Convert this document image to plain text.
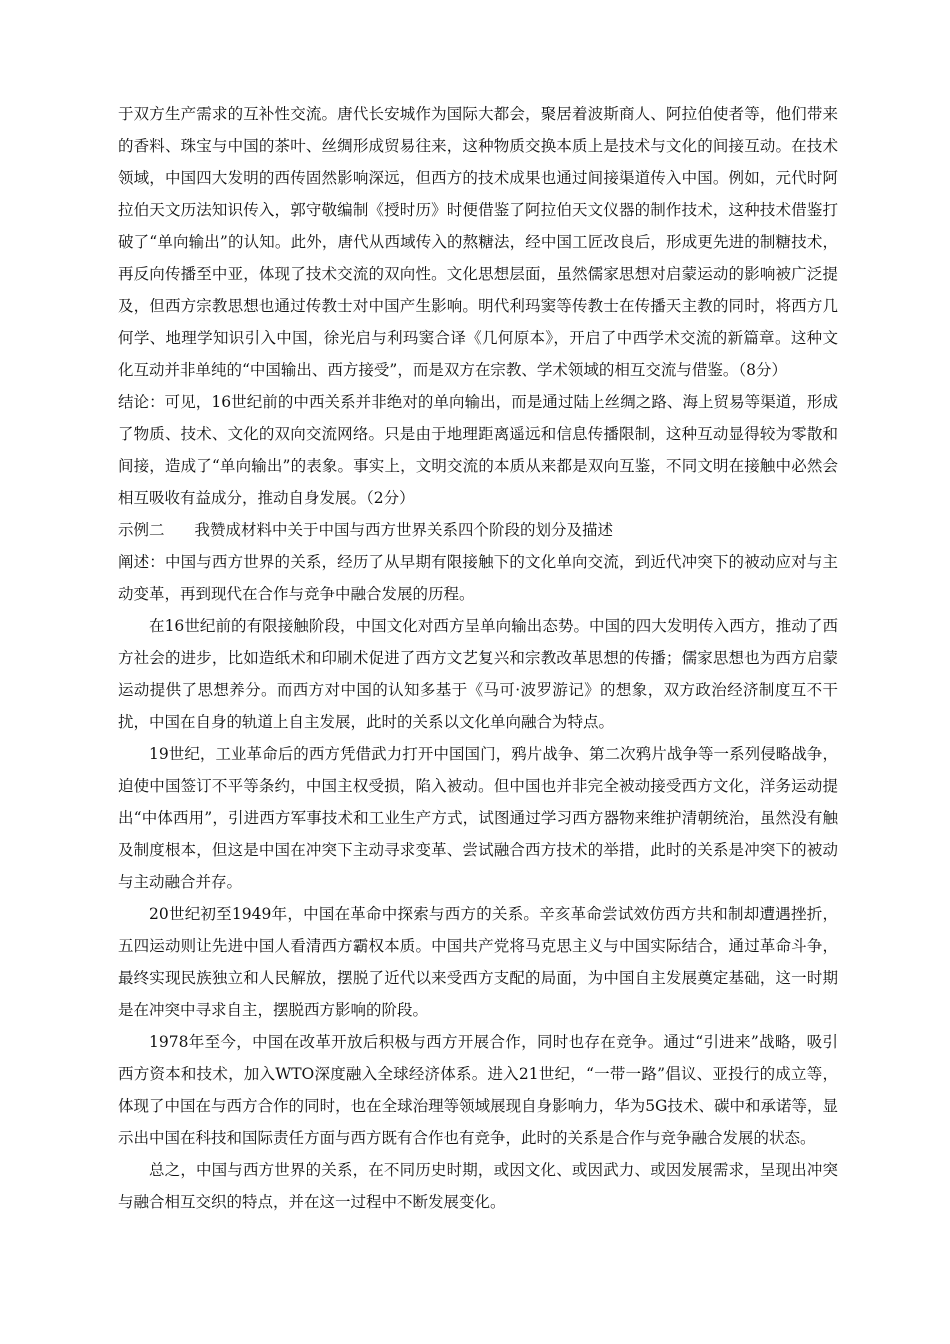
于双方生产需求的互补性交流。唐代长安城作为国际大都会，聚居着波斯商人、阿拉伯使者等，他们带来的香料、珠宝与中国的茶叶、丝绸形成贸易往来，这种物质交换本质上是技术与文化的间接互动。在技术领域，中国四大发明的西传固然影响深远，但西方的技术成果也通过间接渠道传入中国。例如，元代时阿拉伯天文历法知识传入，郭守敬编制《授时历》时便借鉴了阿拉伯天文仪器的制作技术，这种技术借鉴打破了“单向输出”的认知。此外，唐代从西域传入的熬糖法，经中国工匠改良后，形成更先进的制糖技术，再反向传播至中亚，体现了技术交流的双向性。文化思想层面，虽然儒家思想对启蒙运动的影响被广泛提及，但西方宗教思想也通过传教士对中国产生影响。明代利玛窦等传教士在传播天主教的同时，将西方几何学、地理学知识引入中国，徐光启与利玛窦合译《几何原本》，开启了中西学术交流的新篇章。这种文化互动并非单纯的“中国输出、西方接受”，而是双方在宗教、学术领域的相互交流与借鉴。（8分）

结论：可见，16世纪前的中西关系并非绝对的单向输出，而是通过陆上丝绸之路、海上贸易等渠道，形成了物质、技术、文化的双向交流网络。只是由于地理距离遥远和信息传播限制，这种互动显得较为零散和间接，造成了“单向输出”的表象。事实上，文明交流的本质从来都是双向互鉴，不同文明在接触中必然会相互吸收有益成分，推动自身发展。（2分）

示例二 我赞成材料中关于中国与西方世界关系四个阶段的划分及描述

阐述：中国与西方世界的关系，经历了从早期有限接触下的文化单向交流，到近代冲突下的被动应对与主动变革，再到现代在合作与竞争中融合发展的历程。

在16世纪前的有限接触阶段，中国文化对西方呈单向输出态势。中国的四大发明传入西方，推动了西方社会的进步，比如造纸术和印刷术促进了西方文艺复兴和宗教改革思想的传播；儒家思想也为西方启蒙运动提供了思想养分。而西方对中国的认知多基于《马可·波罗游记》的想象，双方政治经济制度互不干扰，中国在自身的轨道上自主发展，此时的关系以文化单向融合为特点。

19世纪，工业革命后的西方凭借武力打开中国国门，鸦片战争、第二次鸦片战争等一系列侵略战争，迫使中国签订不平等条约，中国主权受损，陷入被动。但中国也并非完全被动接受西方文化，洋务运动提出“中体西用”，引进西方军事技术和工业生产方式，试图通过学习西方器物来维护清朝统治，虽然没有触及制度根本，但这是中国在冲突下主动寻求变革、尝试融合西方技术的举措，此时的关系是冲突下的被动与主动融合并存。

20世纪初至1949年，中国在革命中探索与西方的关系。辛亥革命尝试效仿西方共和制却遭遇挫折，五四运动则让先进中国人看清西方霸权本质。中国共产党将马克思主义与中国实际结合，通过革命斗争，最终实现民族独立和人民解放，摆脱了近代以来受西方支配的局面，为中国自主发展奠定基础，这一时期是在冲突中寻求自主，摆脱西方影响的阶段。

1978年至今，中国在改革开放后积极与西方开展合作，同时也存在竞争。通过“引进来”战略，吸引西方资本和技术，加入WTO深度融入全球经济体系。进入21世纪，“一带一路”倡议、亚投行的成立等，体现了中国在与西方合作的同时，也在全球治理等领域展现自身影响力，华为5G技术、碳中和承诺等，显示出中国在科技和国际责任方面与西方既有合作也有竞争，此时的关系是合作与竞争融合发展的状态。

总之，中国与西方世界的关系，在不同历史时期，或因文化、或因武力、或因发展需求，呈现出冲突与融合相互交织的特点，并在这一过程中不断发展变化。
